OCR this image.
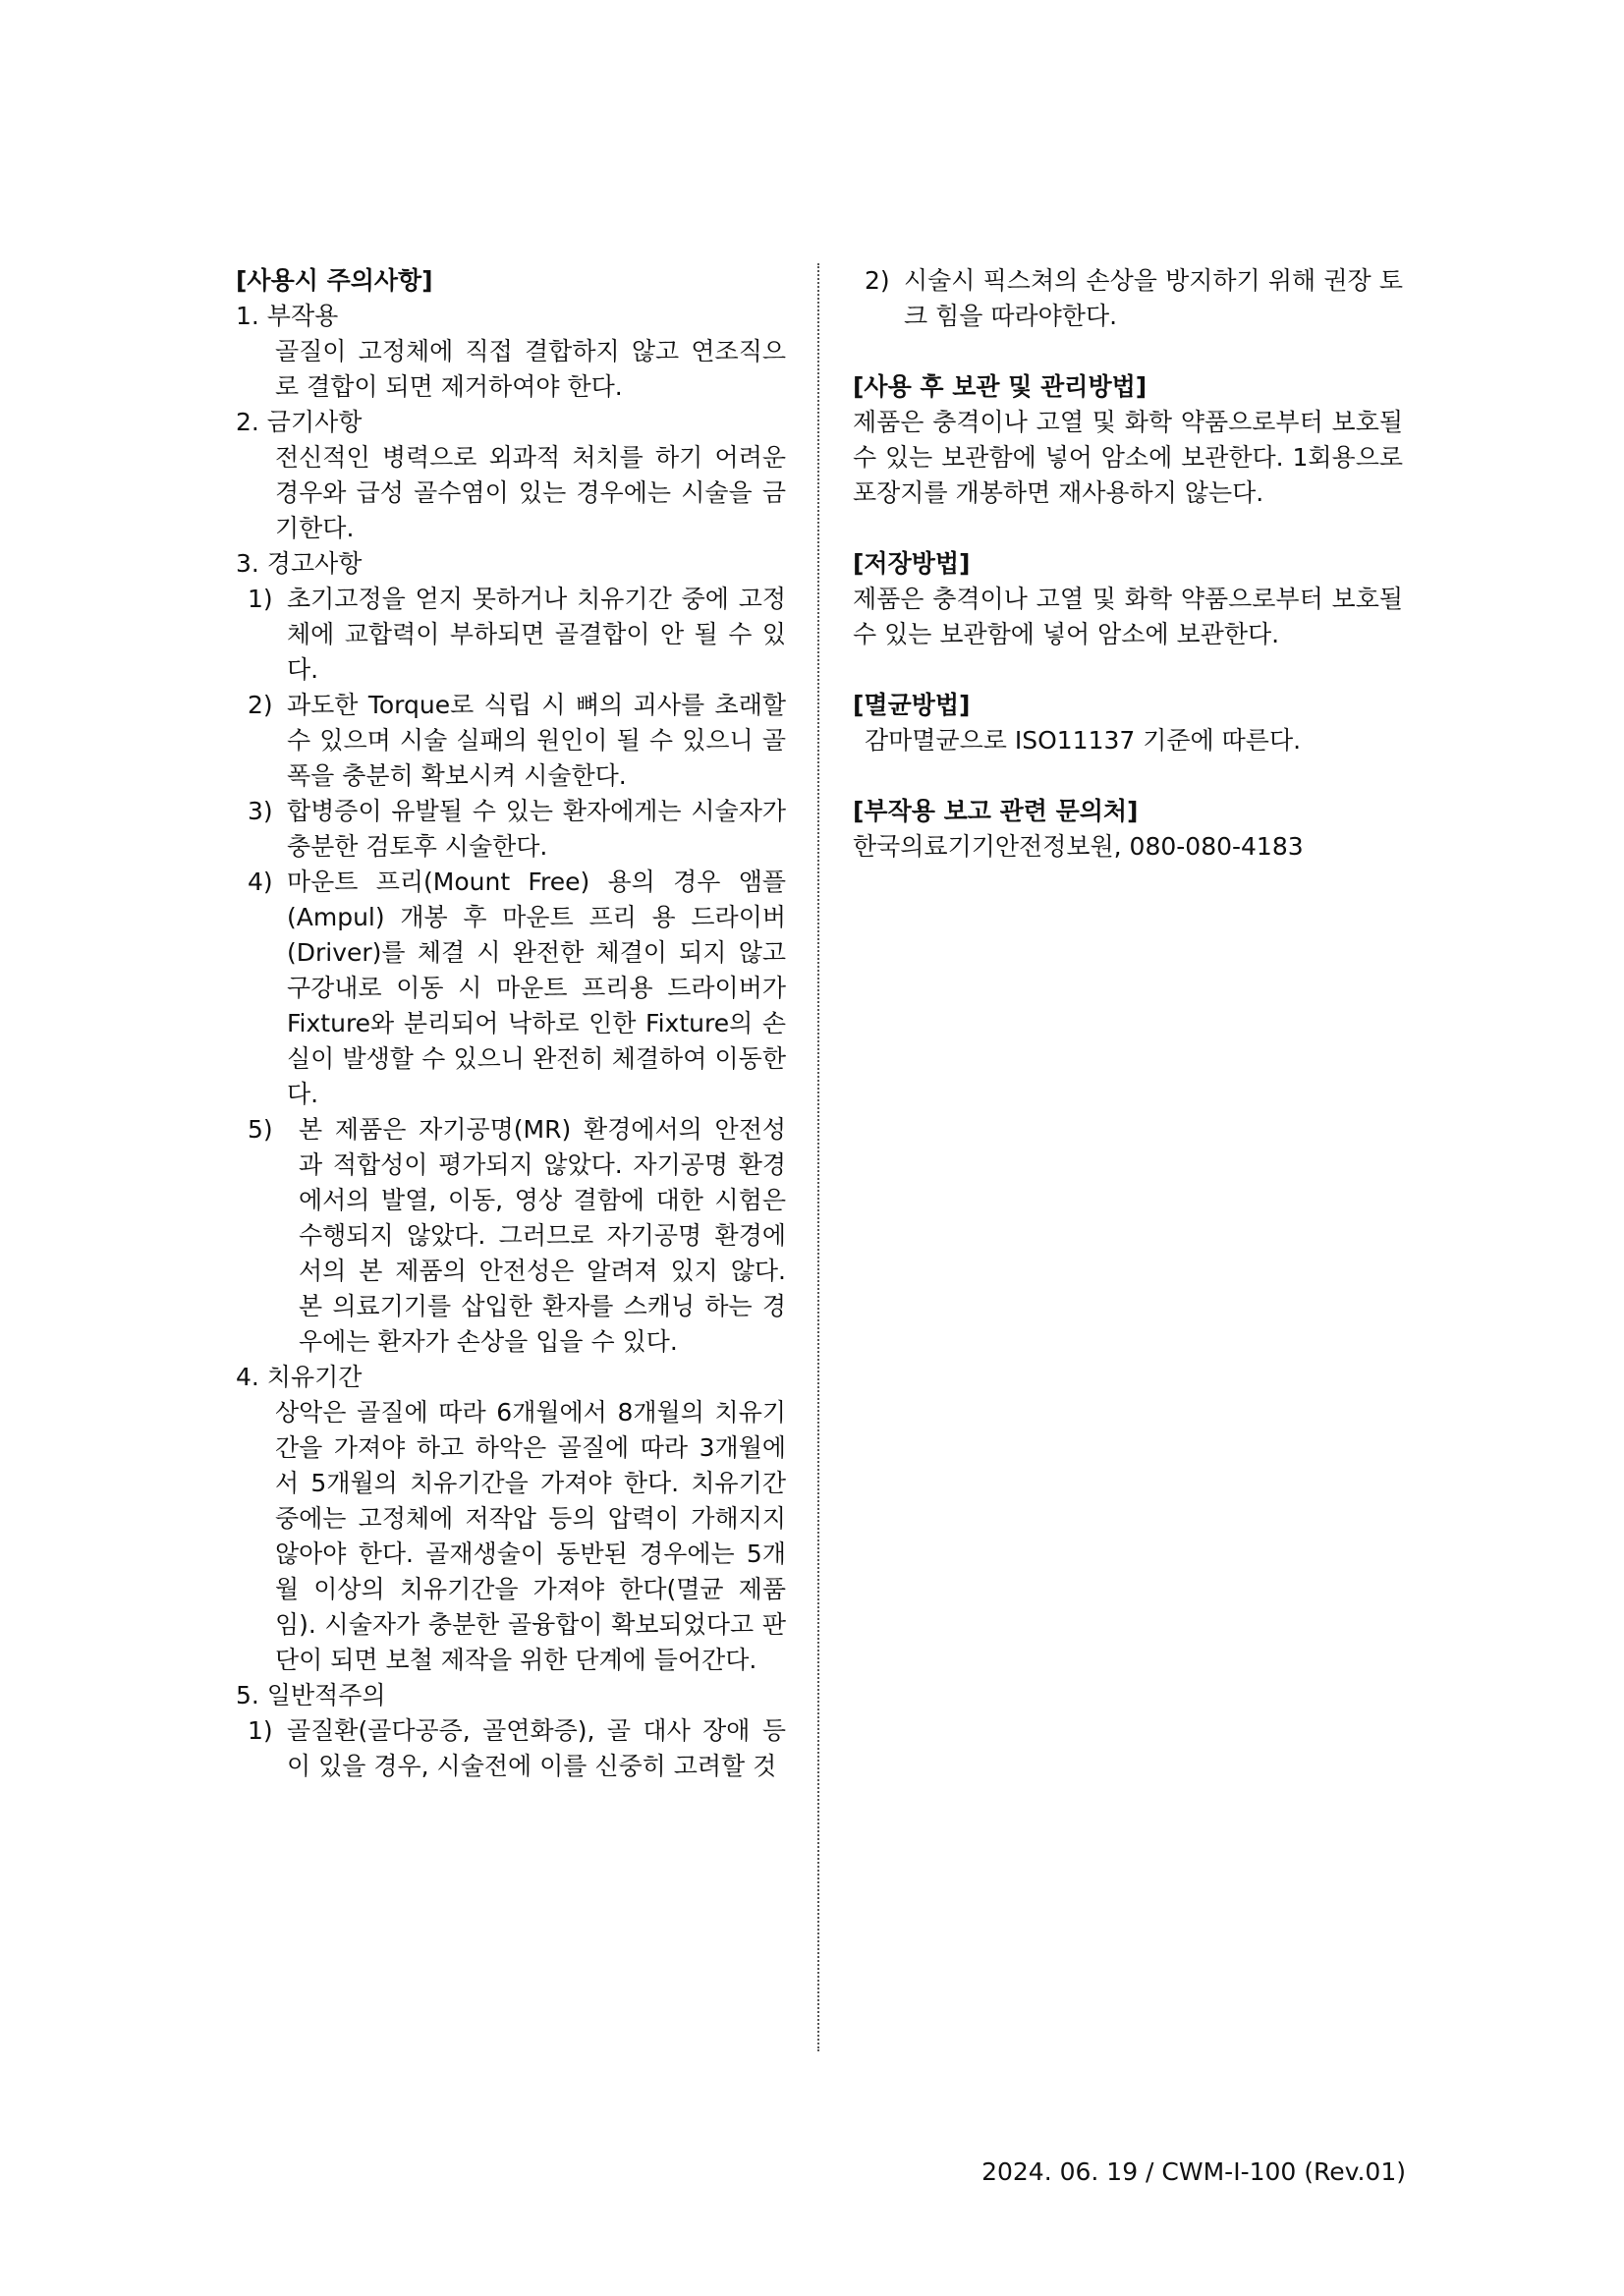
[사용시 주의사항]
1. 부작용
골질이 고정체에 직접 결합하지 않고 연조직으로 결합이 되면 제거하여야 한다.
2. 금기사항
전신적인 병력으로 외과적 처치를 하기 어려운 경우와 급성 골수염이 있는 경우에는 시술을 금기한다.
3. 경고사항
1) 초기고정을 얻지 못하거나 치유기간 중에 고정체에 교합력이 부하되면 골결합이 안 될 수 있다.
2) 과도한 Torque로 식립 시 뼈의 괴사를 초래할 수 있으며 시술 실패의 원인이 될 수 있으니 골폭을 충분히 확보시켜 시술한다.
3) 합병증이 유발될 수 있는 환자에게는 시술자가 충분한 검토후 시술한다.
4) 마운트 프리(Mount Free) 용의 경우 앰플(Ampul) 개봉 후 마운트 프리 용 드라이버 (Driver)를 체결 시 완전한 체결이 되지 않고 구강내로 이동 시 마운트 프리용 드라이버가 Fixture와 분리되어 낙하로 인한 Fixture의 손실이 발생할 수 있으니 완전히 체결하여 이동한다.
5)	본 제품은 자기공명(MR) 환경에서의 안전성과 적합성이 평가되지 않았다. 자기공명 환경에서의 발열, 이동, 영상 결함에 대한 시험은 수행되지 않았다. 그러므로 자기공명 환경에서의 본 제품의 안전성은 알려져 있지 않다. 본 의료기기를 삽입한 환자를 스캐닝 하는 경우에는 환자가 손상을 입을 수 있다.
4. 치유기간
상악은 골질에 따라 6개월에서 8개월의 치유기간을 가져야 하고 하악은 골질에 따라 3개월에서 5개월의 치유기간을 가져야 한다. 치유기간 중에는 고정체에 저작압 등의 압력이 가해지지 않아야 한다. 골재생술이 동반된 경우에는 5개월 이상의 치유기간을 가져야 한다(멸균 제품임). 시술자가 충분한 골융합이 확보되었다고 판단이 되면 보철 제작을 위한 단계에 들어간다.
5. 일반적주의
1) 골질환(골다공증, 골연화증), 골 대사 장애 등이 있을 경우, 시술전에 이를 신중히 고려할 것
2) 시술시 픽스쳐의 손상을 방지하기 위해 권장 토크 힘을 따라야한다.
[사용 후 보관 및 관리방법]
제품은 충격이나 고열 및 화학 약품으로부터 보호될 수 있는 보관함에 넣어 암소에 보관한다. 1회용으로 포장지를 개봉하면 재사용하지 않는다.
[저장방법]
제품은 충격이나 고열 및 화학 약품으로부터 보호될 수 있는 보관함에 넣어 암소에 보관한다.
[멸균방법]
감마멸균으로 ISO11137 기준에 따른다.
[부작용 보고 관련 문의처]
한국의료기기안전정보원, 080-080-4183
2024. 06. 19 / CWM-I-100 (Rev.01)
